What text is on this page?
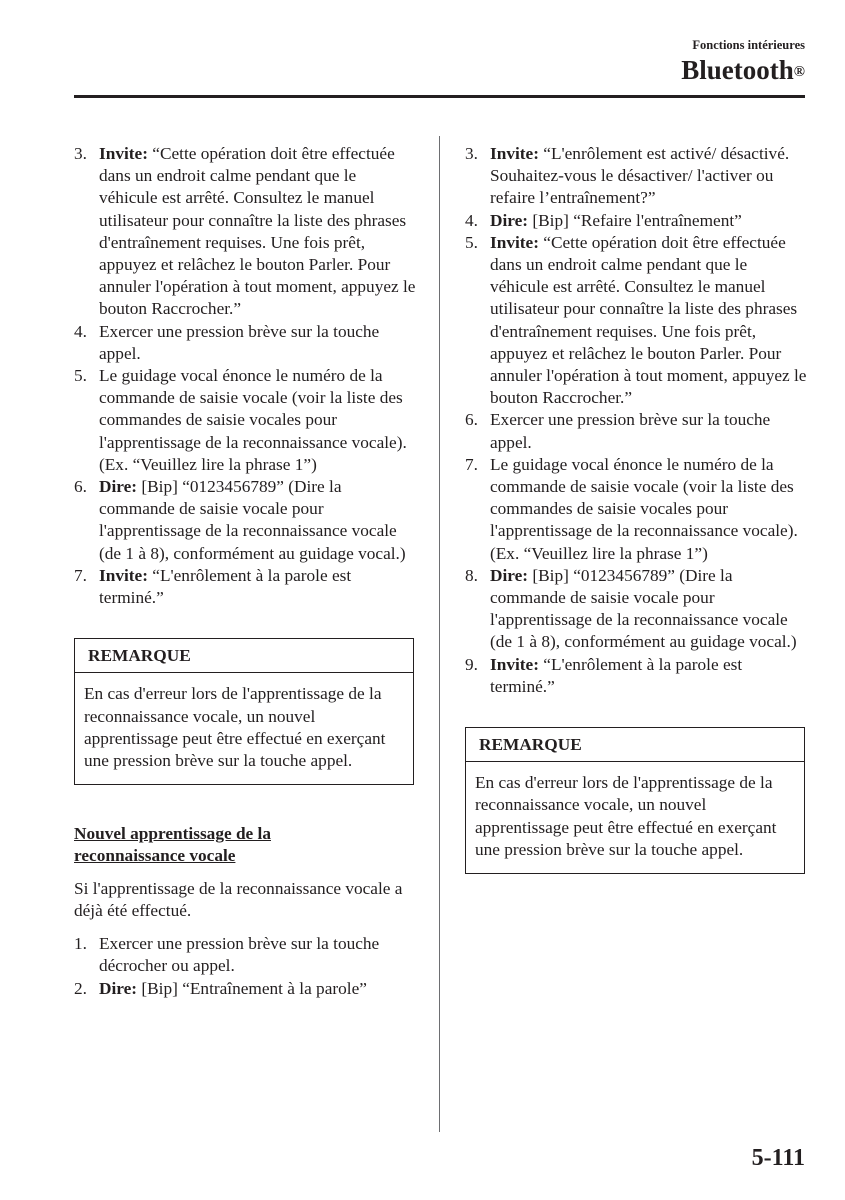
Fonctions intérieures
Bluetooth®
3. Invite: “Cette opération doit être effectuée dans un endroit calme pendant que le véhicule est arrêté. Consultez le manuel utilisateur pour connaître la liste des phrases d'entraînement requises. Une fois prêt, appuyez et relâchez le bouton Parler. Pour annuler l'opération à tout moment, appuyez le bouton Raccrocher.”
4. Exercer une pression brève sur la touche appel.
5. Le guidage vocal énonce le numéro de la commande de saisie vocale (voir la liste des commandes de saisie vocales pour l'apprentissage de la reconnaissance vocale). (Ex. “Veuillez lire la phrase 1”)
6. Dire: [Bip] “0123456789” (Dire la commande de saisie vocale pour l'apprentissage de la reconnaissance vocale (de 1 à 8), conformément au guidage vocal.)
7. Invite: “L'enrôlement à la parole est terminé.”
REMARQUE
En cas d'erreur lors de l'apprentissage de la reconnaissance vocale, un nouvel apprentissage peut être effectué en exerçant une pression brève sur la touche appel.
Nouvel apprentissage de la
reconnaissance vocale
Si l'apprentissage de la reconnaissance vocale a déjà été effectué.
1. Exercer une pression brève sur la touche décrocher ou appel.
2. Dire: [Bip] “Entraînement à la parole”
3. Invite: “L'enrôlement est activé/ désactivé. Souhaitez-vous le désactiver/ l'activer ou refaire l’entraînement?”
4. Dire: [Bip] “Refaire l'entraînement”
5. Invite: “Cette opération doit être effectuée dans un endroit calme pendant que le véhicule est arrêté. Consultez le manuel utilisateur pour connaître la liste des phrases d'entraînement requises. Une fois prêt, appuyez et relâchez le bouton Parler. Pour annuler l'opération à tout moment, appuyez le bouton Raccrocher.”
6. Exercer une pression brève sur la touche appel.
7. Le guidage vocal énonce le numéro de la commande de saisie vocale (voir la liste des commandes de saisie vocales pour l'apprentissage de la reconnaissance vocale). (Ex. “Veuillez lire la phrase 1”)
8. Dire: [Bip] “0123456789” (Dire la commande de saisie vocale pour l'apprentissage de la reconnaissance vocale (de 1 à 8), conformément au guidage vocal.)
9. Invite: “L'enrôlement à la parole est terminé.”
REMARQUE
En cas d'erreur lors de l'apprentissage de la reconnaissance vocale, un nouvel apprentissage peut être effectué en exerçant une pression brève sur la touche appel.
5-111
